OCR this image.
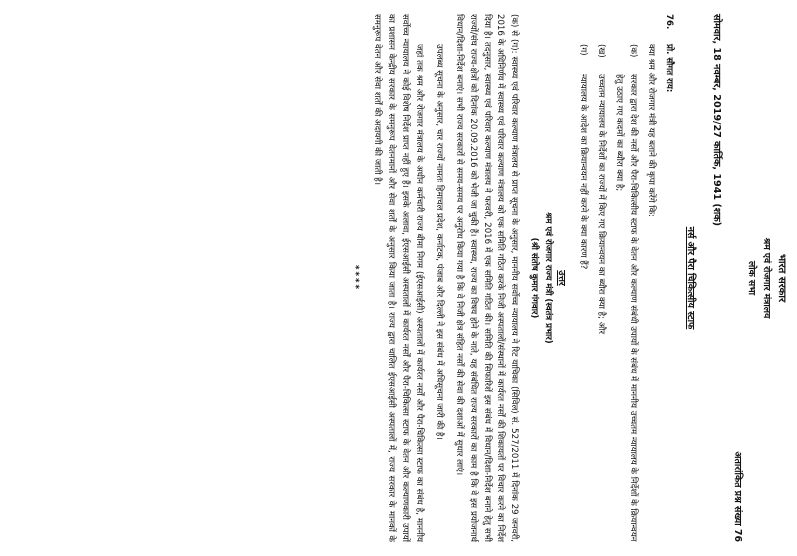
भारत सरकार

श्रम एवं रोजगार मंत्रालय

लोक सभा

अतारांकित प्रश्न संख्या 76
सोमवार, 18 नवम्बर, 2019/27 कार्तिक, 1941 (शक)

नर्स और पैरा चिकित्सीय स्टाफ

76.
प्रो. सौगत राय:

क्या श्रम और रोजगार मंत्री यह बताने की कृपा करेंगे कि:

(क)
सरकार द्वारा देश की नर्सो और पैरा-चिकित्सीय स्टाफ के वेतन और कल्याण संबंधी उपायों के संबंध में माननीय उच्चतम न्यायालय के निर्देशों के क्रियान्वयन हेतु उठाए गए कदमों का ब्यौरा क्या है;
(ख)
उच्चतम न्यायालय के निर्देशों का राज्यों में किए गए क्रियान्वयन का ब्यौरा क्या है; और
(ग)
न्यायालय के आदेश का क्रियान्वयन नहीं करने के क्या कारण हैं?

उत्तर

श्रम एवं रोजगार राज्य मंत्री (स्वतंत्र प्रभार)

(श्री संतोष कुमार गंगवार)

(क) से (ग): स्वास्थ्य एवं परिवार कल्याण मंत्रालय से प्राप्त सूचना के अनुसार, माननीय सर्वोच्च न्यायालय ने रिट याचिका (सिविल) सं. 527/2011 में दिनांक 29 जनवरी, 2016 के अधिनिर्णय में स्वास्थ्य एवं परिवार कल्याण मंत्रालय को एक समिति गठित करके निजी अस्पतालों/संस्थानों में कार्यरत नर्सों की शिकायतों पर विचार करने का निर्देश दिया है। तदनुसार, स्वास्थ्य एवं परिवार कल्याण मंत्रालय ने फरवरी, 2016 में एक समिति गठित की। समिति की सिफारिशें इस संबंध में विधान/दिशा-निर्देश बनाने हेतु सभी राज्यों/संघ राज्य-क्षेत्रों को दिनांक 20.09.2016 को भेजी जा चुकी हैं। स्वास्थ्य, राज्य का विषय होने के नाते, यह संबंधित राज्य सरकारों का काम है कि वे इस प्रयोजनार्थ विधान/दिशा-निर्देश बनाएं। सभी राज्य सरकारों से समय-समय पर अनुरोध किया गया है कि वे निजी क्षेत्र संहित नर्सों की सेवा की दशाओं में सुधार लाएं।

उपलब्ध सूचना के अनुसार, चार राज्यों नामतः हिमाचल प्रदेश, कर्नाटक, पंजाब और दिल्ली ने इस संबंध में अधिसूचना जारी की है।

जहां तक श्रम और रोजगार मंत्रालय के अधीन कर्मचारी राज्य बीमा निगम (ईएसआईसी) अस्पतालों में कार्यरत नर्सों और पैरा-चिकित्सा स्टाफ का संबंध है, माननीय सर्वोच्च न्यायालय ने कोई विशेष निर्देश प्राप्त नहीं हुए हैं। इसके अलावा, ईएसआईसी अस्पतालों में कार्यरत नर्सों और पैरा-चिकित्सा स्टाफ के वेतन और कल्याणकारी उपायों का प्रशासन केन्द्रीय सरकार के समनुरूप वेतनमानों और सेवा शर्तों के अनुसार किया जाता है। राज्य द्वारा चालित ईएसआईसी अस्पतालों में, राज्य सरकार के मानकों के समनुरूप वेतन और सेवा शर्तों की अदायगी की जाती है।

****
